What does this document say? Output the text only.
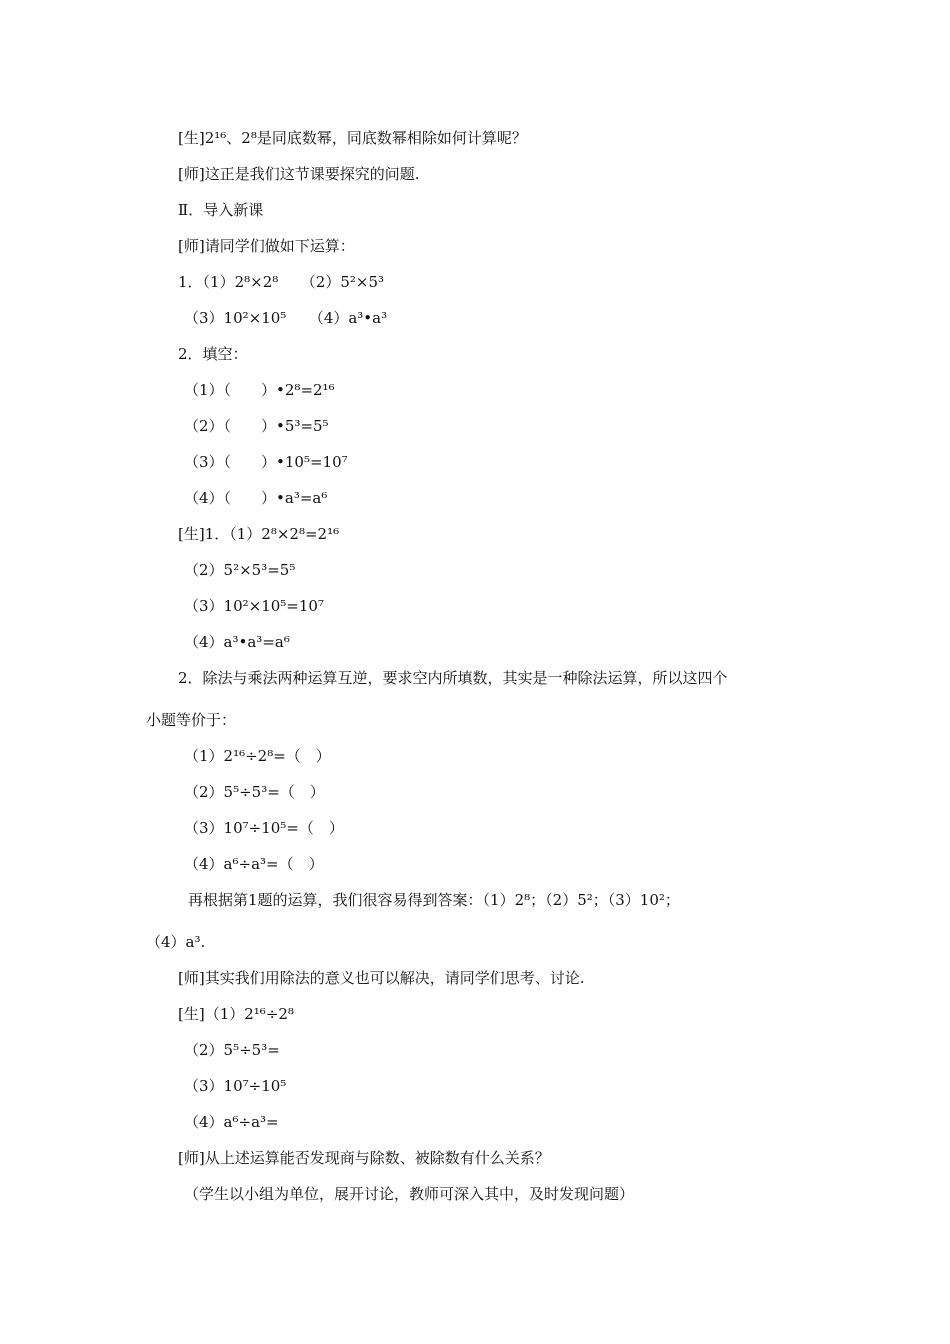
[生]2¹⁶、2⁸是同底数幂，同底数幂相除如何计算呢？
[师]这正是我们这节课要探究的问题.
Ⅱ．导入新课
[师]请同学们做如下运算：
1．（1）2⁸×2⁸　　（2）5²×5³
（3）10²×10⁵　　（4）a³•a³
2．填空：
（1）（　　）•2⁸=2¹⁶
（2）（　　）•5³=5⁵
（3）（　　）•10⁵=10⁷
（4）（　　）•a³=a⁶
[生]1．（1）2⁸×2⁸=2¹⁶
（2）5²×5³=5⁵
（3）10²×10⁵=10⁷
（4）a³•a³=a⁶
2．除法与乘法两种运算互逆，要求空内所填数，其实是一种除法运算，所以这四个
小题等价于：
（1）2¹⁶÷2⁸=（　）
（2）5⁵÷5³=（　）
（3）10⁷÷10⁵=（　）
（4）a⁶÷a³=（　）
再根据第1题的运算，我们很容易得到答案：（1）2⁸；（2）5²；（3）10²；
（4）a³.
[师]其实我们用除法的意义也可以解决，请同学们思考、讨论.
[生]（1）2¹⁶÷2⁸
（2）5⁵÷5³=
（3）10⁷÷10⁵
（4）a⁶÷a³=
[师]从上述运算能否发现商与除数、被除数有什么关系？
（学生以小组为单位，展开讨论，教师可深入其中，及时发现问题）
